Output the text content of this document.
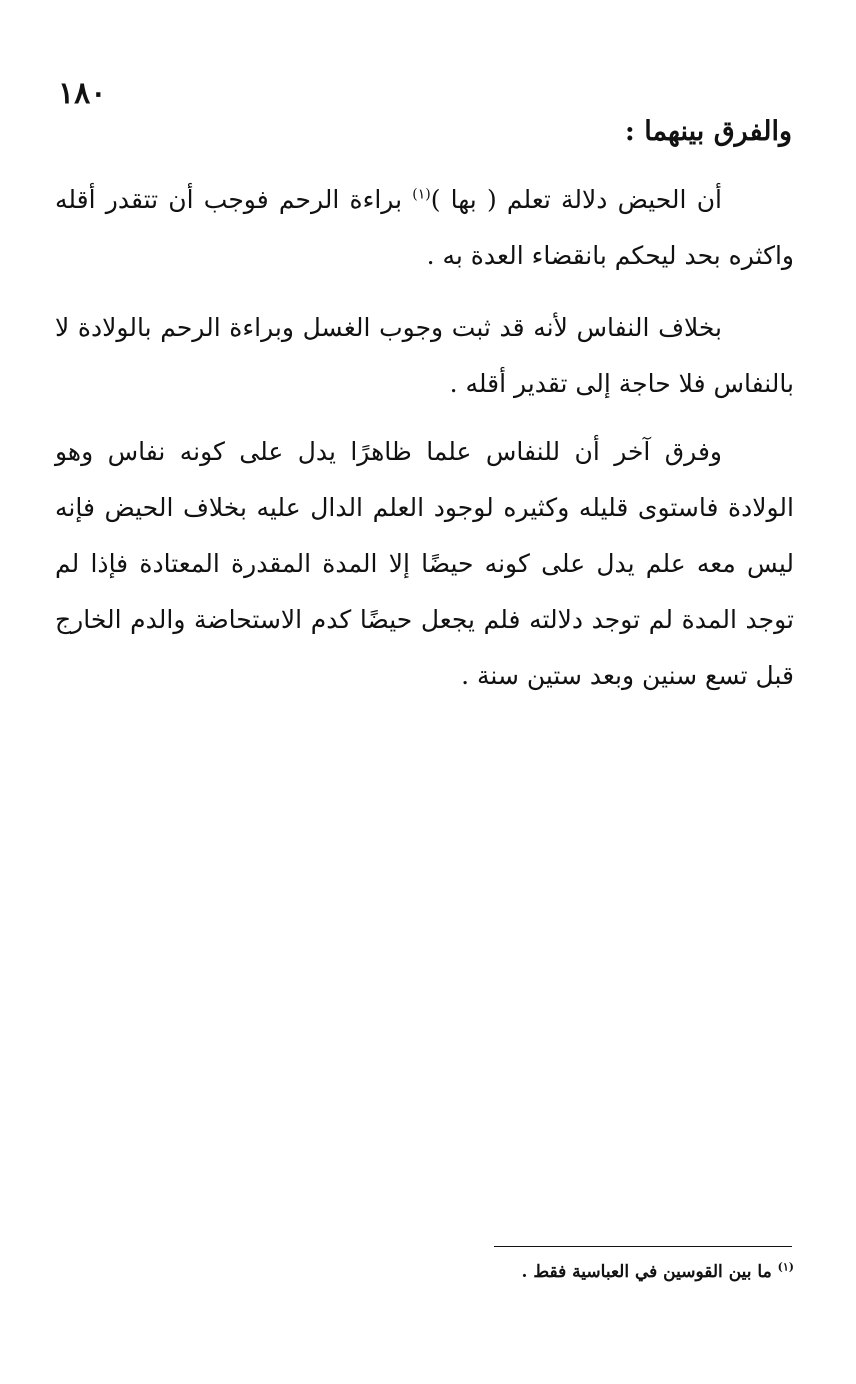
١٨٠
والفرق بينهما :

أن الحيض دلالة تعلم ( بها )$^{(١)}$ براءة الرحم فوجب أن تتقدر أقله واكثره بحد ليحكم بانقضاء العدة به .

بخلاف النفاس لأنه قد ثبت وجوب الغسل وبراءة الرحم بالولادة لا بالنفاس فلا حاجة إلى تقدير أقله .

وفرق آخر أن للنفاس علما ظاهرًا يدل على كونه نفاس وهو الولادة فاستوى قليله وكثيره لوجود العلم الدال عليه بخلاف الحيض فإنه ليس معه علم يدل على كونه حيضًا إلا المدة المقدرة المعتادة فإذا لم توجد المدة لم توجد دلالته فلم يجعل حيضًا كدم الاستحاضة والدم الخارج قبل تسع سنين وبعد ستين سنة .

$^{(١)}$ ما بين القوسين في العباسية فقط .
